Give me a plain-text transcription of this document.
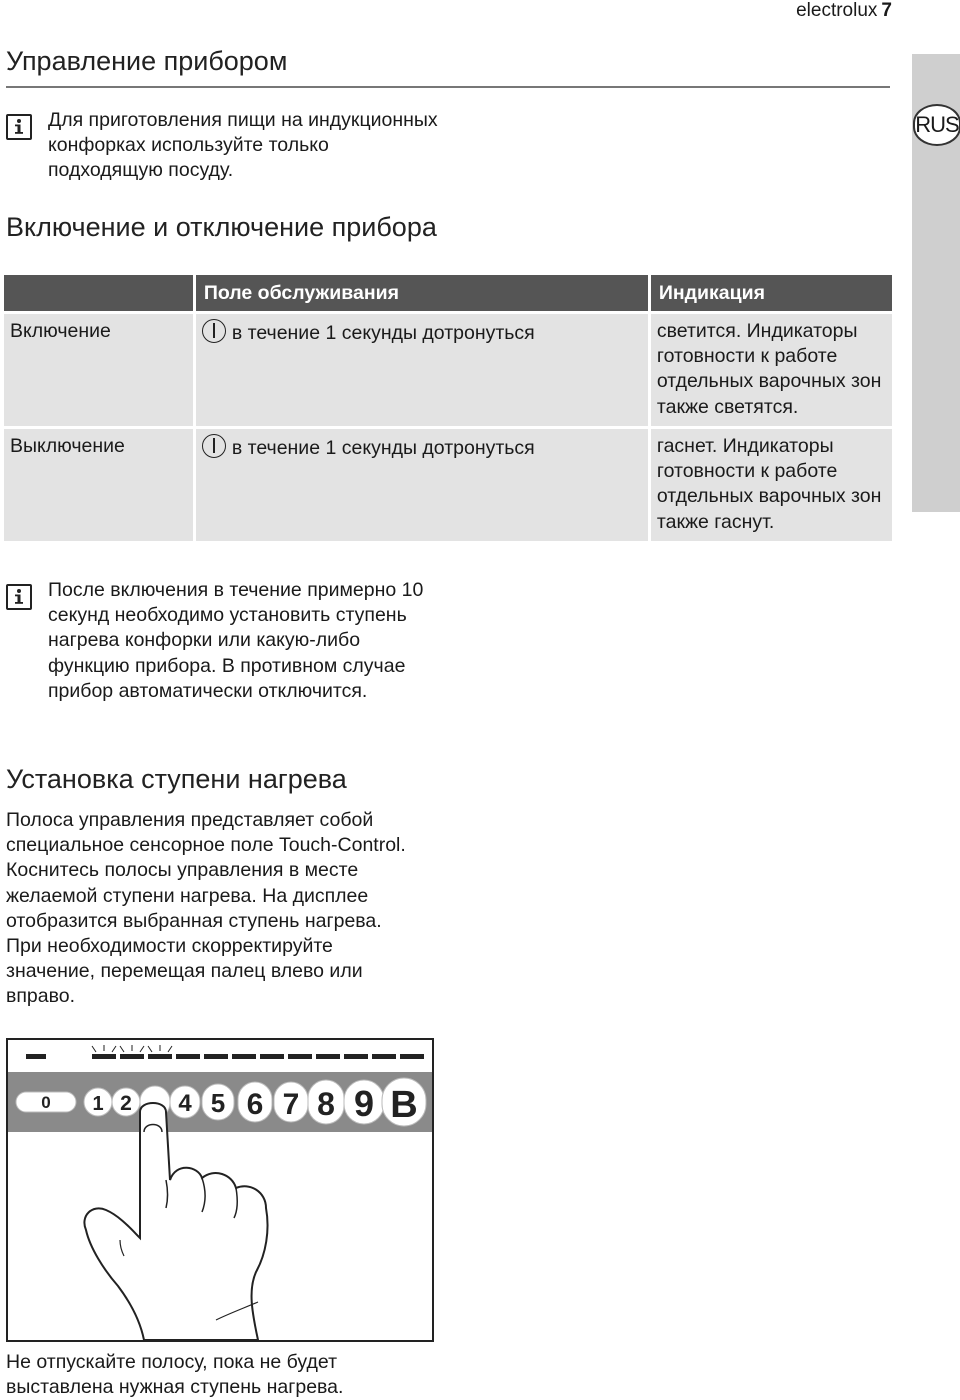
electrolux 7
RUS
Управление прибором
Для приготовления пищи на индукционных конфорках используйте только подходящую посуду.
Включение и отключение прибора
	Поле обслуживания	Индикация
Включение	в течение 1 секунды дотронуться	светится. Индикаторы готовности к работе отдельных варочных зон также светятся.
Выключение	в течение 1 секунды дотронуться	гаснет. Индикаторы готовности к работе отдельных варочных зон также гаснут.
После включения в течение примерно 10 секунд необходимо установить ступень нагрева конфорки или какую-либо функцию прибора. В противном случае прибор автоматически отключится.
Установка ступени нагрева
Полоса управления представляет собой специальное сенсорное поле Touch-Control.
Коснитесь полосы управления в месте желаемой ступени нагрева. На дисплее отобразится выбранная ступень нагрева.
При необходимости скорректируйте значение, перемещая палец влево или вправо.
0 1 2 4 5 6 7 8 9 B
Не отпускайте полосу, пока не будет выставлена нужная ступень нагрева.
